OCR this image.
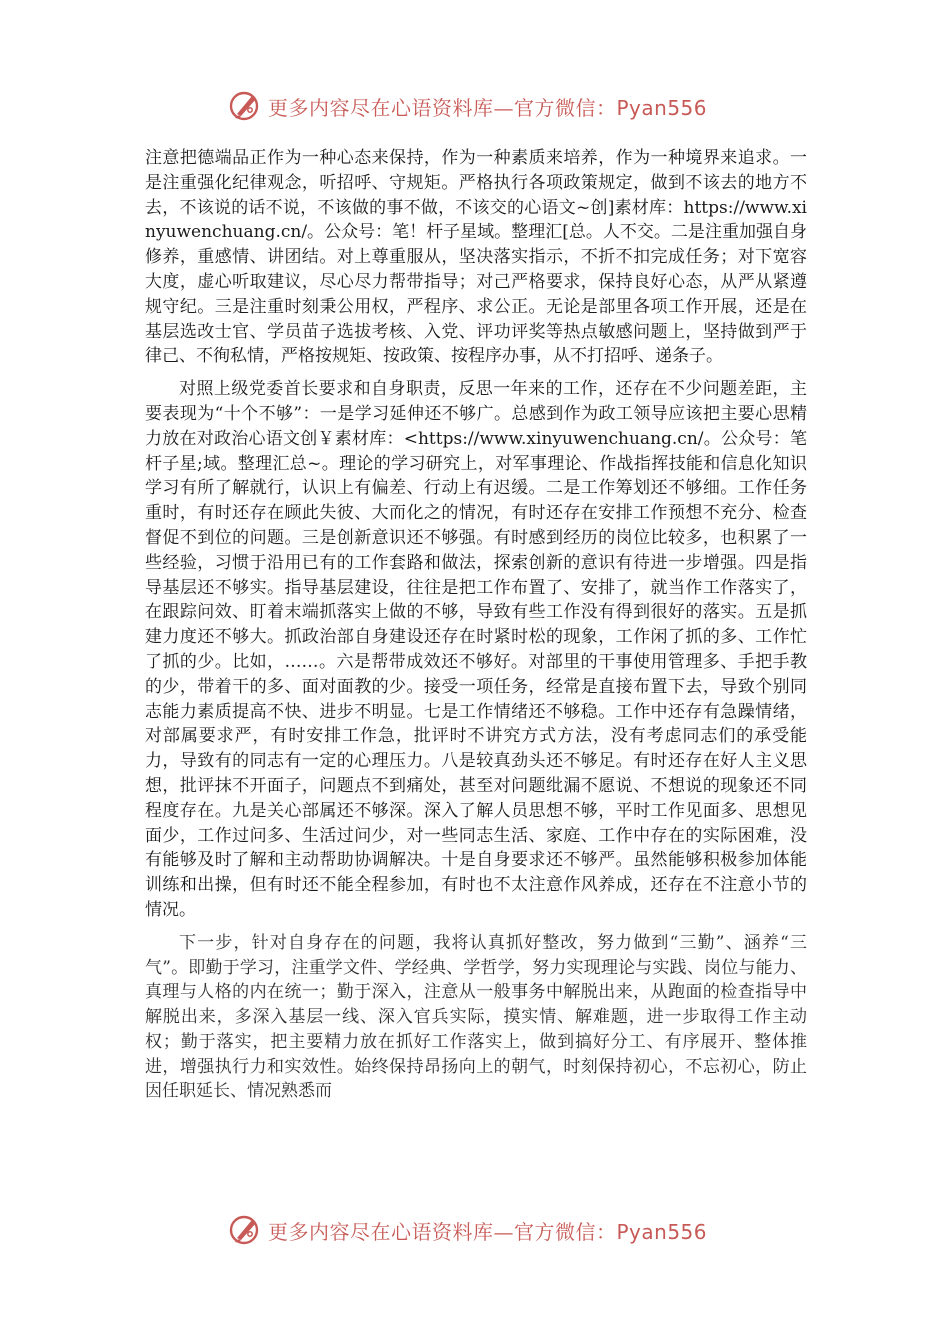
更多内容尽在心语资料库—官方微信：Pyan556

注意把德端品正作为一种心态来保持，作为一种素质来培养，作为一种境界来追求。一是注重强化纪律观念，听招呼、守规矩。严格执行各项政策规定，做到不该去的地方不去，不该说的话不说，不该做的事不做，不该交的心语文~创]素材库：https://www.xinyuwenchuang.cn/。公众号：笔！杆子星域。整理汇[总。人不交。二是注重加强自身修养，重感情、讲团结。对上尊重服从，坚决落实指示，不折不扣完成任务；对下宽容大度，虚心听取建议，尽心尽力帮带指导；对己严格要求，保持良好心态，从严从紧遵规守纪。三是注重时刻秉公用权，严程序、求公正。无论是部里各项工作开展，还是在基层选改士官、学员苗子选拔考核、入党、评功评奖等热点敏感问题上，坚持做到严于律己、不徇私情，严格按规矩、按政策、按程序办事，从不打招呼、递条子。

对照上级党委首长要求和自身职责，反思一年来的工作，还存在不少问题差距，主要表现为“十个不够”：一是学习延伸还不够广。总感到作为政工领导应该把主要心思精力放在对政治心语文创￥素材库：<https://www.xinyuwenchuang.cn/。公众号：笔杆子星;域。整理汇总~。理论的学习研究上，对军事理论、作战指挥技能和信息化知识学习有所了解就行，认识上有偏差、行动上有迟缓。二是工作筹划还不够细。工作任务重时，有时还存在顾此失彼、大而化之的情况，有时还存在安排工作预想不充分、检查督促不到位的问题。三是创新意识还不够强。有时感到经历的岗位比较多，也积累了一些经验，习惯于沿用已有的工作套路和做法，探索创新的意识有待进一步增强。四是指导基层还不够实。指导基层建设，往往是把工作布置了、安排了，就当作工作落实了，在跟踪问效、盯着末端抓落实上做的不够，导致有些工作没有得到很好的落实。五是抓建力度还不够大。抓政治部自身建设还存在时紧时松的现象，工作闲了抓的多、工作忙了抓的少。比如，……。六是帮带成效还不够好。对部里的干事使用管理多、手把手教的少，带着干的多、面对面教的少。接受一项任务，经常是直接布置下去，导致个别同志能力素质提高不快、进步不明显。七是工作情绪还不够稳。工作中还存有急躁情绪，对部属要求严，有时安排工作急，批评时不讲究方式方法，没有考虑同志们的承受能力，导致有的同志有一定的心理压力。八是较真劲头还不够足。有时还存在好人主义思想，批评抹不开面子，问题点不到痛处，甚至对问题纰漏不愿说、不想说的现象还不同程度存在。九是关心部属还不够深。深入了解人员思想不够，平时工作见面多、思想见面少，工作过问多、生活过问少，对一些同志生活、家庭、工作中存在的实际困难，没有能够及时了解和主动帮助协调解决。十是自身要求还不够严。虽然能够积极参加体能训练和出操，但有时还不能全程参加，有时也不太注意作风养成，还存在不注意小节的情况。

下一步，针对自身存在的问题，我将认真抓好整改，努力做到“三勤”、涵养“三气”。即勤于学习，注重学文件、学经典、学哲学，努力实现理论与实践、岗位与能力、真理与人格的内在统一；勤于深入，注意从一般事务中解脱出来，从跑面的检查指导中解脱出来，多深入基层一线、深入官兵实际，摸实情、解难题，进一步取得工作主动权；勤于落实，把主要精力放在抓好工作落实上，做到搞好分工、有序展开、整体推进，增强执行力和实效性。始终保持昂扬向上的朝气，时刻保持初心，不忘初心，防止因任职延长、情况熟悉而

更多内容尽在心语资料库—官方微信：Pyan556
